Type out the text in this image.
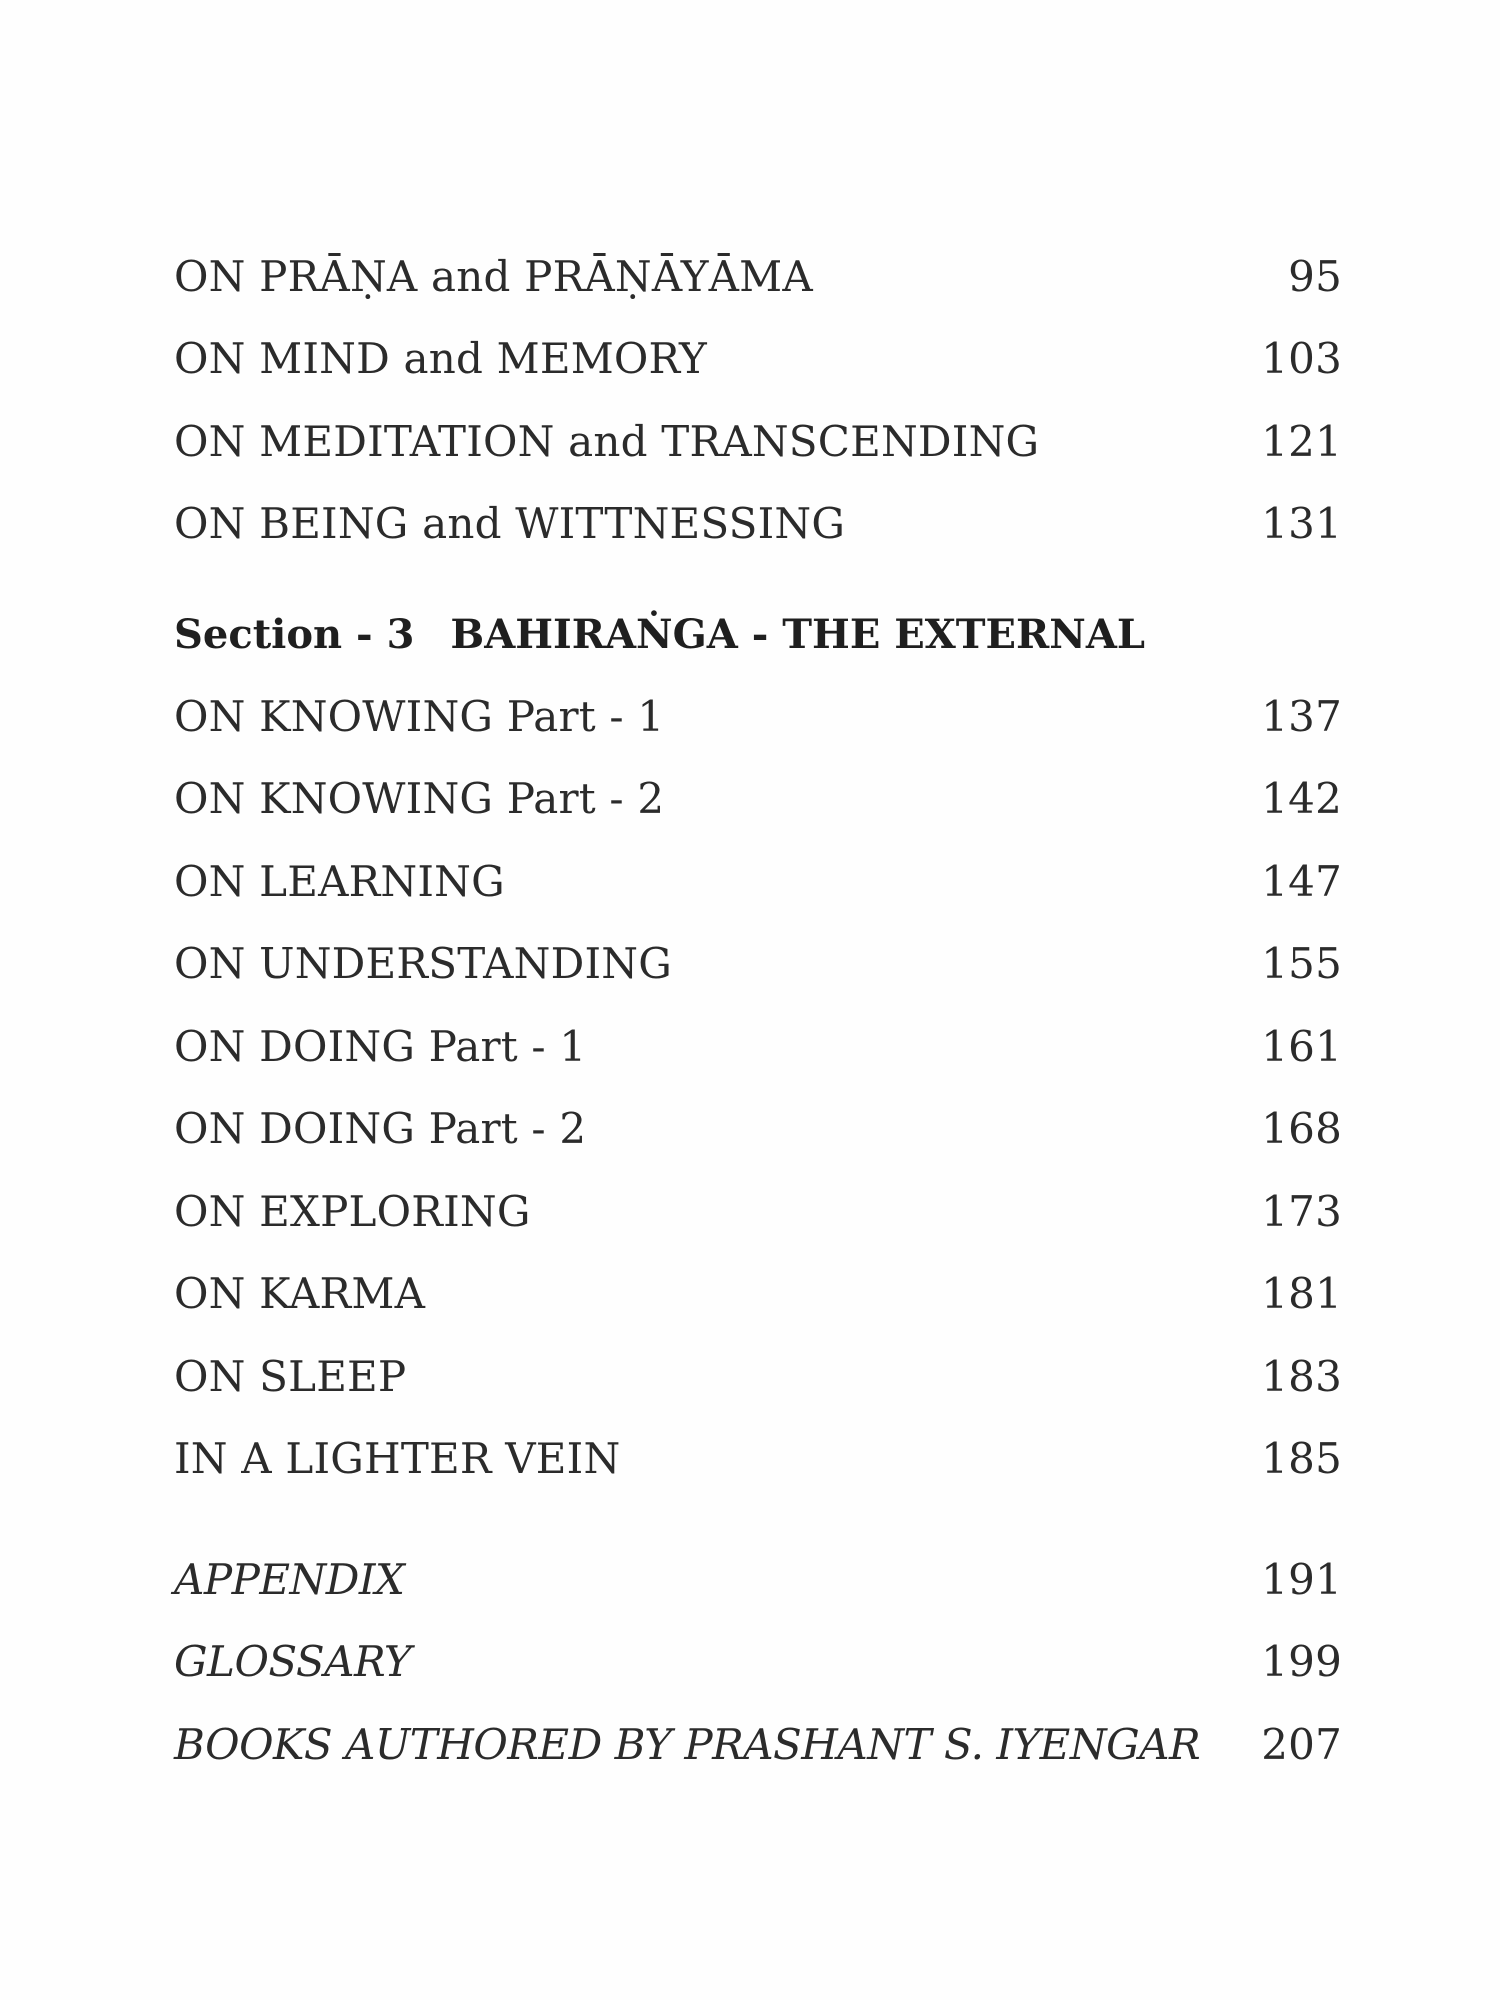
ON PRĀṆA and PRĀṆĀYĀMA	95
ON MIND and MEMORY	103
ON MEDITATION and TRANSCENDING	121
ON BEING and WITTNESSING	131
Section - 3 BAHIRAṄGA - THE EXTERNAL
ON KNOWING Part - 1	137
ON KNOWING Part - 2	142
ON LEARNING	147
ON UNDERSTANDING	155
ON DOING Part - 1	161
ON DOING Part - 2	168
ON EXPLORING	173
ON KARMA	181
ON SLEEP	183
IN A LIGHTER VEIN	185
APPENDIX	191
GLOSSARY	199
BOOKS AUTHORED BY PRASHANT S. IYENGAR 207
